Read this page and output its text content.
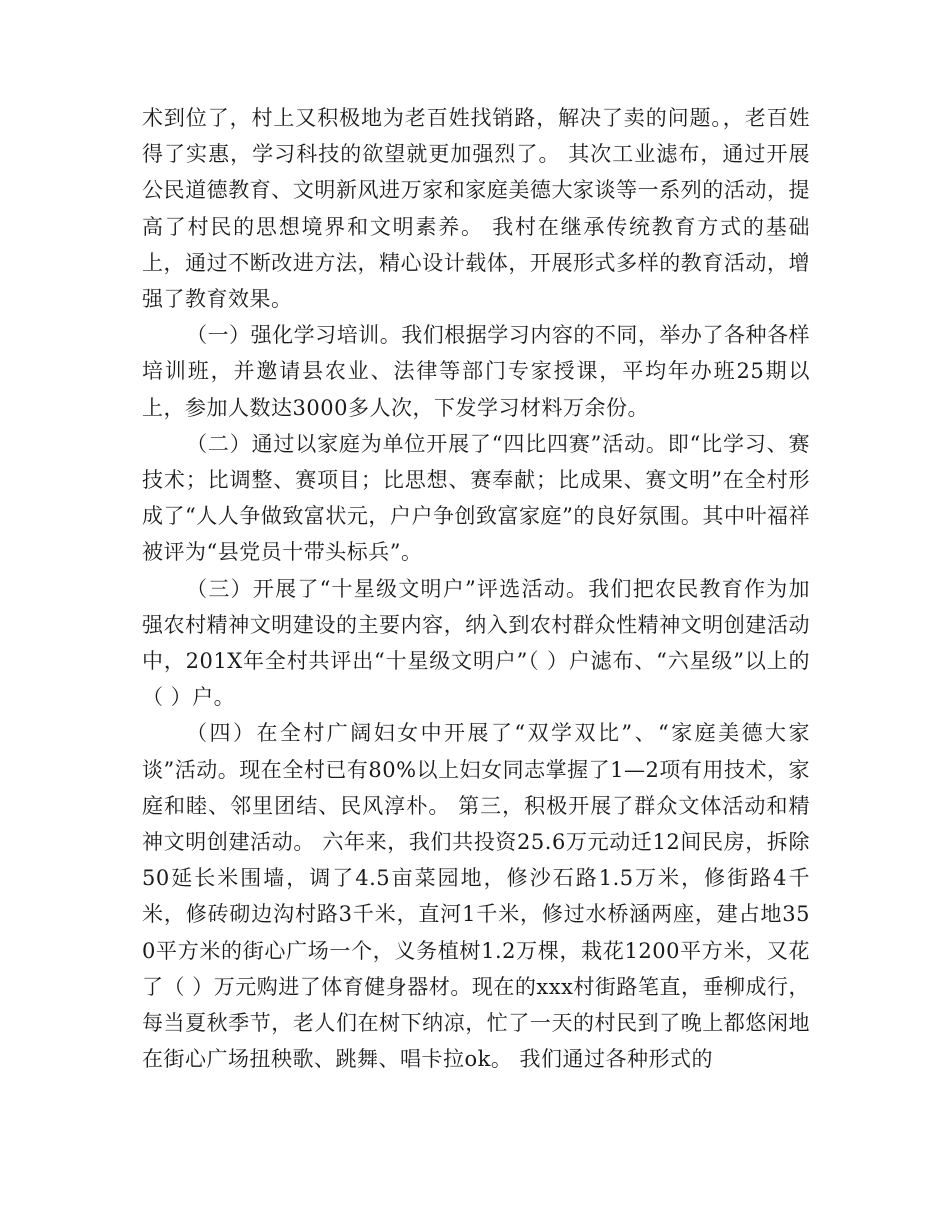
术到位了，村上又积极地为老百姓找销路，解决了卖的问题。，老百姓得了实惠，学习科技的欲望就更加强烈了。 其次工业滤布，通过开展公民道德教育、文明新风进万家和家庭美德大家谈等一系列的活动，提高了村民的思想境界和文明素养。 我村在继承传统教育方式的基础上，通过不断改进方法，精心设计载体，开展形式多样的教育活动，增强了教育效果。

（一）强化学习培训。我们根据学习内容的不同，举办了各种各样培训班，并邀请县农业、法律等部门专家授课，平均年办班25期以上，参加人数达3000多人次，下发学习材料万余份。

（二）通过以家庭为单位开展了“四比四赛”活动。即“比学习、赛技术；比调整、赛项目；比思想、赛奉献；比成果、赛文明”在全村形成了“人人争做致富状元，户户争创致富家庭”的良好氛围。其中叶福祥被评为“县党员十带头标兵”。

（三）开展了“十星级文明户”评选活动。我们把农民教育作为加强农村精神文明建设的主要内容，纳入到农村群众性精神文明创建活动中，201X年全村共评出“十星级文明户”（ ）户滤布、“六星级”以上的（ ）户。

（四）在全村广阔妇女中开展了“双学双比”、“家庭美德大家谈”活动。现在全村已有80%以上妇女同志掌握了1—2项有用技术，家庭和睦、邻里团结、民风淳朴。 第三，积极开展了群众文体活动和精神文明创建活动。 六年来，我们共投资25.6万元动迁12间民房，拆除50延长米围墙，调了4.5亩菜园地，修沙石路1.5万米，修街路4千米，修砖砌边沟村路3千米，直河1千米，修过水桥涵两座，建占地350平方米的街心广场一个，义务植树1.2万棵，栽花1200平方米，又花了（ ）万元购进了体育健身器材。现在的xxx村街路笔直，垂柳成行，每当夏秋季节，老人们在树下纳凉，忙了一天的村民到了晚上都悠闲地在街心广场扭秧歌、跳舞、唱卡拉ok。 我们通过各种形式的
